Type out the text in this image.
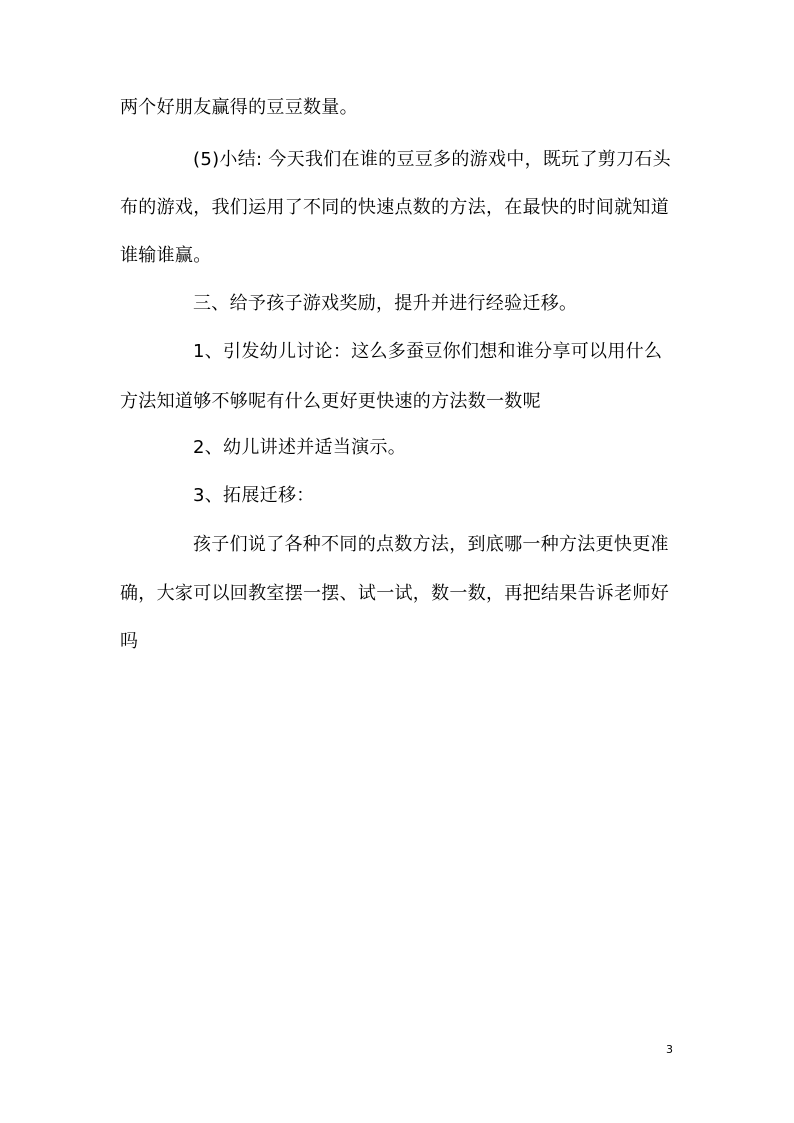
两个好朋友赢得的豆豆数量。
(5)小结: 今天我们在谁的豆豆多的游戏中，既玩了剪刀石头
布的游戏，我们运用了不同的快速点数的方法，在最快的时间就知道
谁输谁赢。
三、给予孩子游戏奖励，提升并进行经验迁移。
1、引发幼儿讨论：这么多蚕豆你们想和谁分享可以用什么
方法知道够不够呢有什么更好更快速的方法数一数呢
2、幼儿讲述并适当演示。
3、拓展迁移：
孩子们说了各种不同的点数方法，到底哪一种方法更快更准
确，大家可以回教室摆一摆、试一试，数一数，再把结果告诉老师好
吗
3
